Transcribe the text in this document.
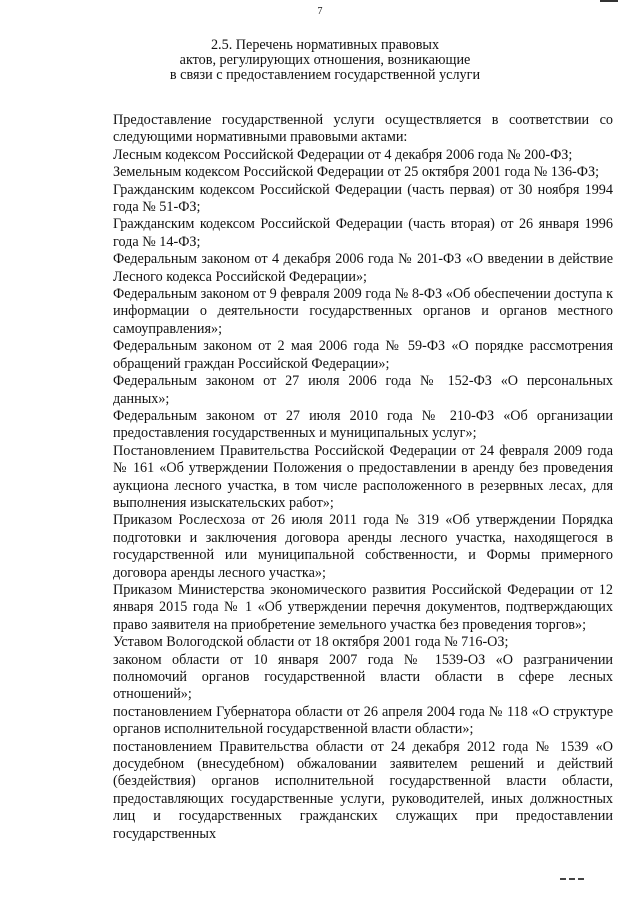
7
2.5. Перечень нормативных правовых
актов, регулирующих отношения, возникающие
в связи с предоставлением государственной услуги

Предоставление государственной услуги осуществляется в соответствии со следующими нормативными правовыми актами:

Лесным кодексом Российской Федерации от 4 декабря 2006 года № 200-ФЗ;

Земельным кодексом Российской Федерации от 25 октября 2001 года № 136-ФЗ;

Гражданским кодексом Российской Федерации (часть первая) от 30 ноября 1994 года № 51-ФЗ;

Гражданским кодексом Российской Федерации (часть вторая) от 26 января 1996 года № 14-ФЗ;

Федеральным законом от 4 декабря 2006 года № 201-ФЗ «О введении в действие Лесного кодекса Российской Федерации»;

Федеральным законом от 9 февраля 2009 года № 8-ФЗ «Об обеспечении доступа к информации о деятельности государственных органов и органов местного самоуправления»;

Федеральным законом от 2 мая 2006 года № 59-ФЗ «О порядке рассмотрения обращений граждан Российской Федерации»;

Федеральным законом от 27 июля 2006 года № 152-ФЗ «О персональных данных»;

Федеральным законом от 27 июля 2010 года № 210-ФЗ «Об организации предоставления государственных и муниципальных услуг»;

Постановлением Правительства Российской Федерации от 24 февраля 2009 года № 161 «Об утверждении Положения о предоставлении в аренду без проведения аукциона лесного участка, в том числе расположенного в резервных лесах, для выполнения изыскательских работ»;

Приказом Рослесхоза от 26 июля 2011 года № 319 «Об утверждении Порядка подготовки и заключения договора аренды лесного участка, находящегося в государственной или муниципальной собственности, и Формы примерного договора аренды лесного участка»;

Приказом Министерства экономического развития Российской Федерации от 12 января 2015 года № 1 «Об утверждении перечня документов, подтверждающих право заявителя на приобретение земельного участка без проведения торгов»;

Уставом Вологодской области от 18 октября 2001 года № 716-ОЗ;

законом области от 10 января 2007 года № 1539-ОЗ «О разграничении полномочий органов государственной власти области в сфере лесных отношений»;

постановлением Губернатора области от 26 апреля 2004 года № 118 «О структуре органов исполнительной государственной власти области»;

постановлением Правительства области от 24 декабря 2012 года № 1539 «О досудебном (внесудебном) обжаловании заявителем решений и действий (бездействия) органов исполнительной государственной власти области, предоставляющих государственные услуги, руководителей, иных должностных лиц и государственных гражданских служащих при предоставлении государственных
